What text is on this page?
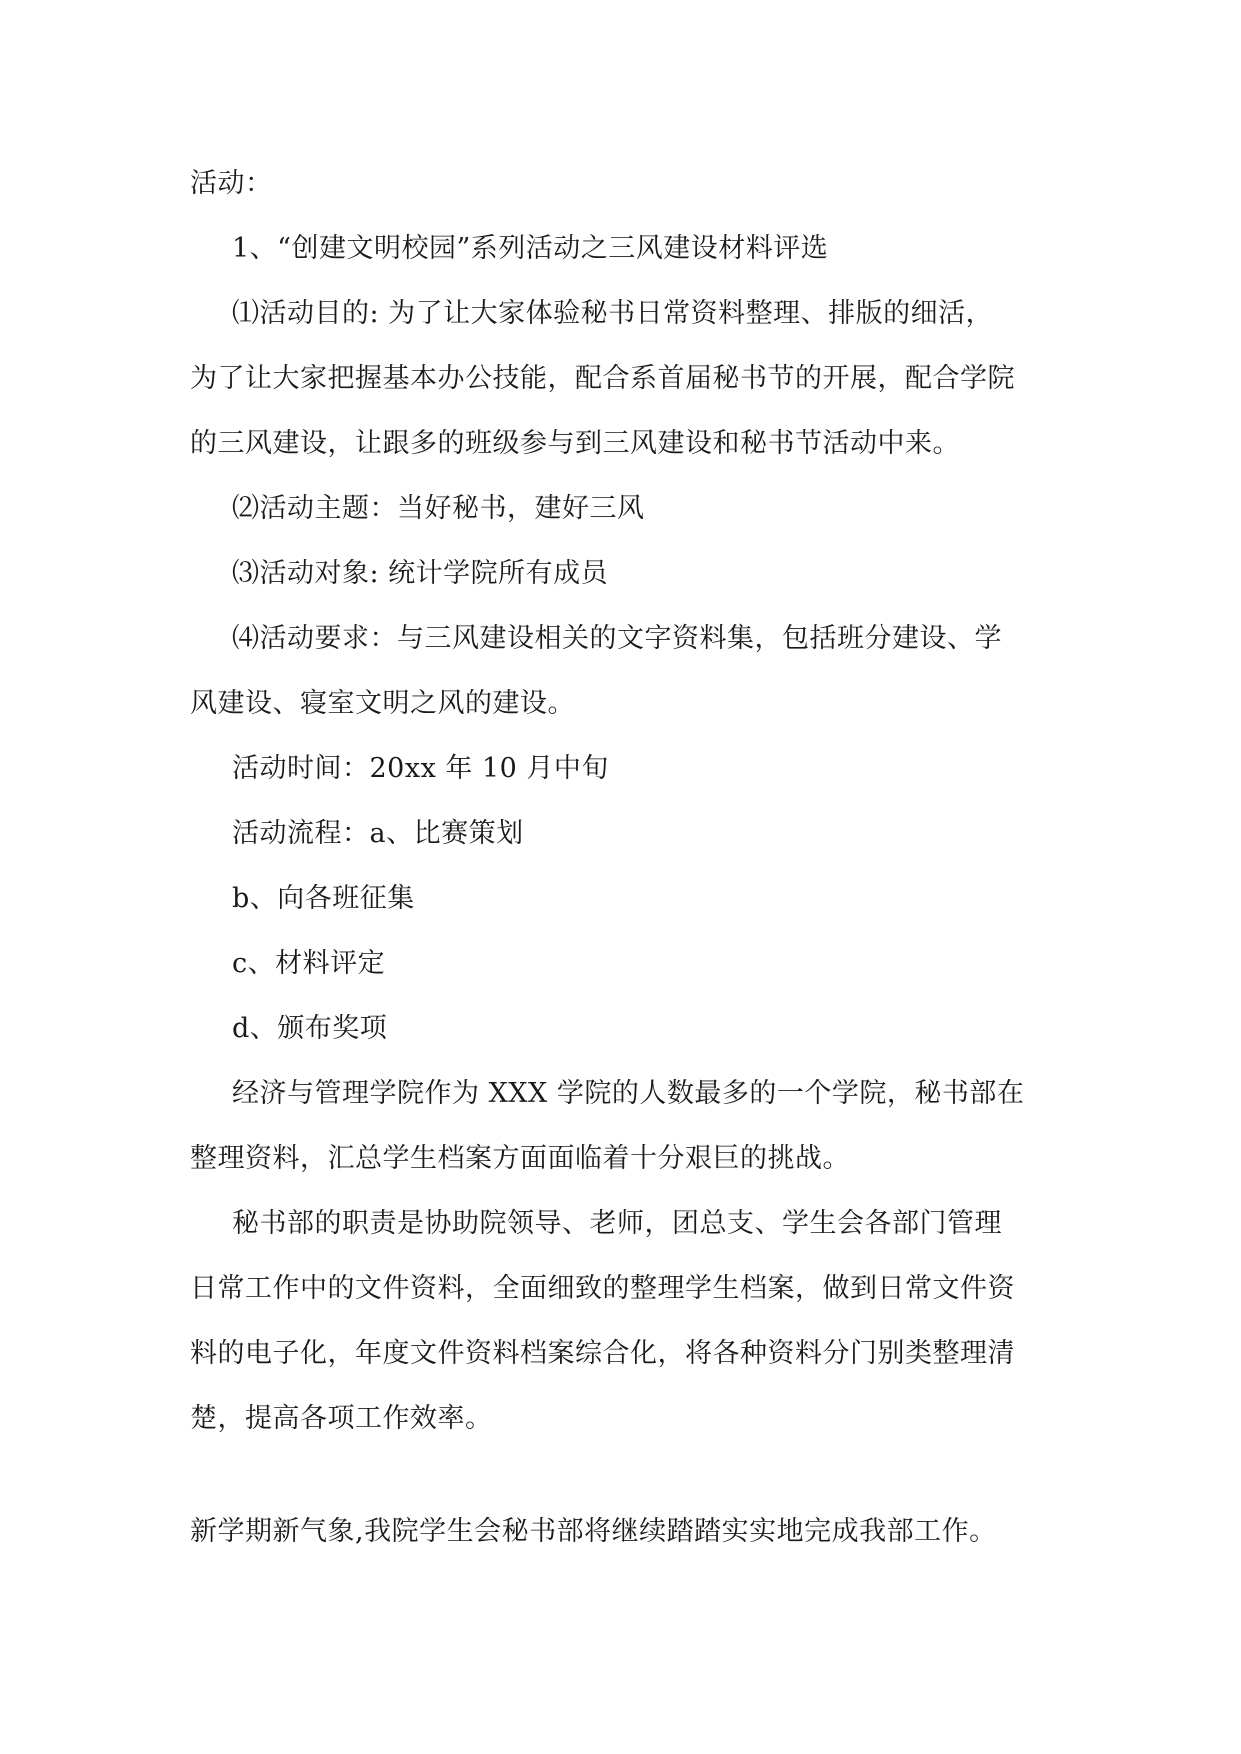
活动：
1、“创建文明校园”系列活动之三风建设材料评选
⑴活动目的: 为了让大家体验秘书日常资料整理、排版的细活，
为了让大家把握基本办公技能，配合系首届秘书节的开展，配合学院
的三风建设，让跟多的班级参与到三风建设和秘书节活动中来。
⑵活动主题：当好秘书，建好三风
⑶活动对象: 统计学院所有成员
⑷活动要求：与三风建设相关的文字资料集，包括班分建设、学
风建设、寝室文明之风的建设。
活动时间：20xx 年 10 月中旬
活动流程：a、比赛策划
b、向各班征集
c、材料评定
d、颁布奖项
经济与管理学院作为 XXX 学院的人数最多的一个学院，秘书部在
整理资料，汇总学生档案方面面临着十分艰巨的挑战。
秘书部的职责是协助院领导、老师，团总支、学生会各部门管理
日常工作中的文件资料，全面细致的整理学生档案，做到日常文件资
料的电子化，年度文件资料档案综合化，将各种资料分门别类整理清
楚，提高各项工作效率。
新学期新气象,我院学生会秘书部将继续踏踏实实地完成我部工作。
